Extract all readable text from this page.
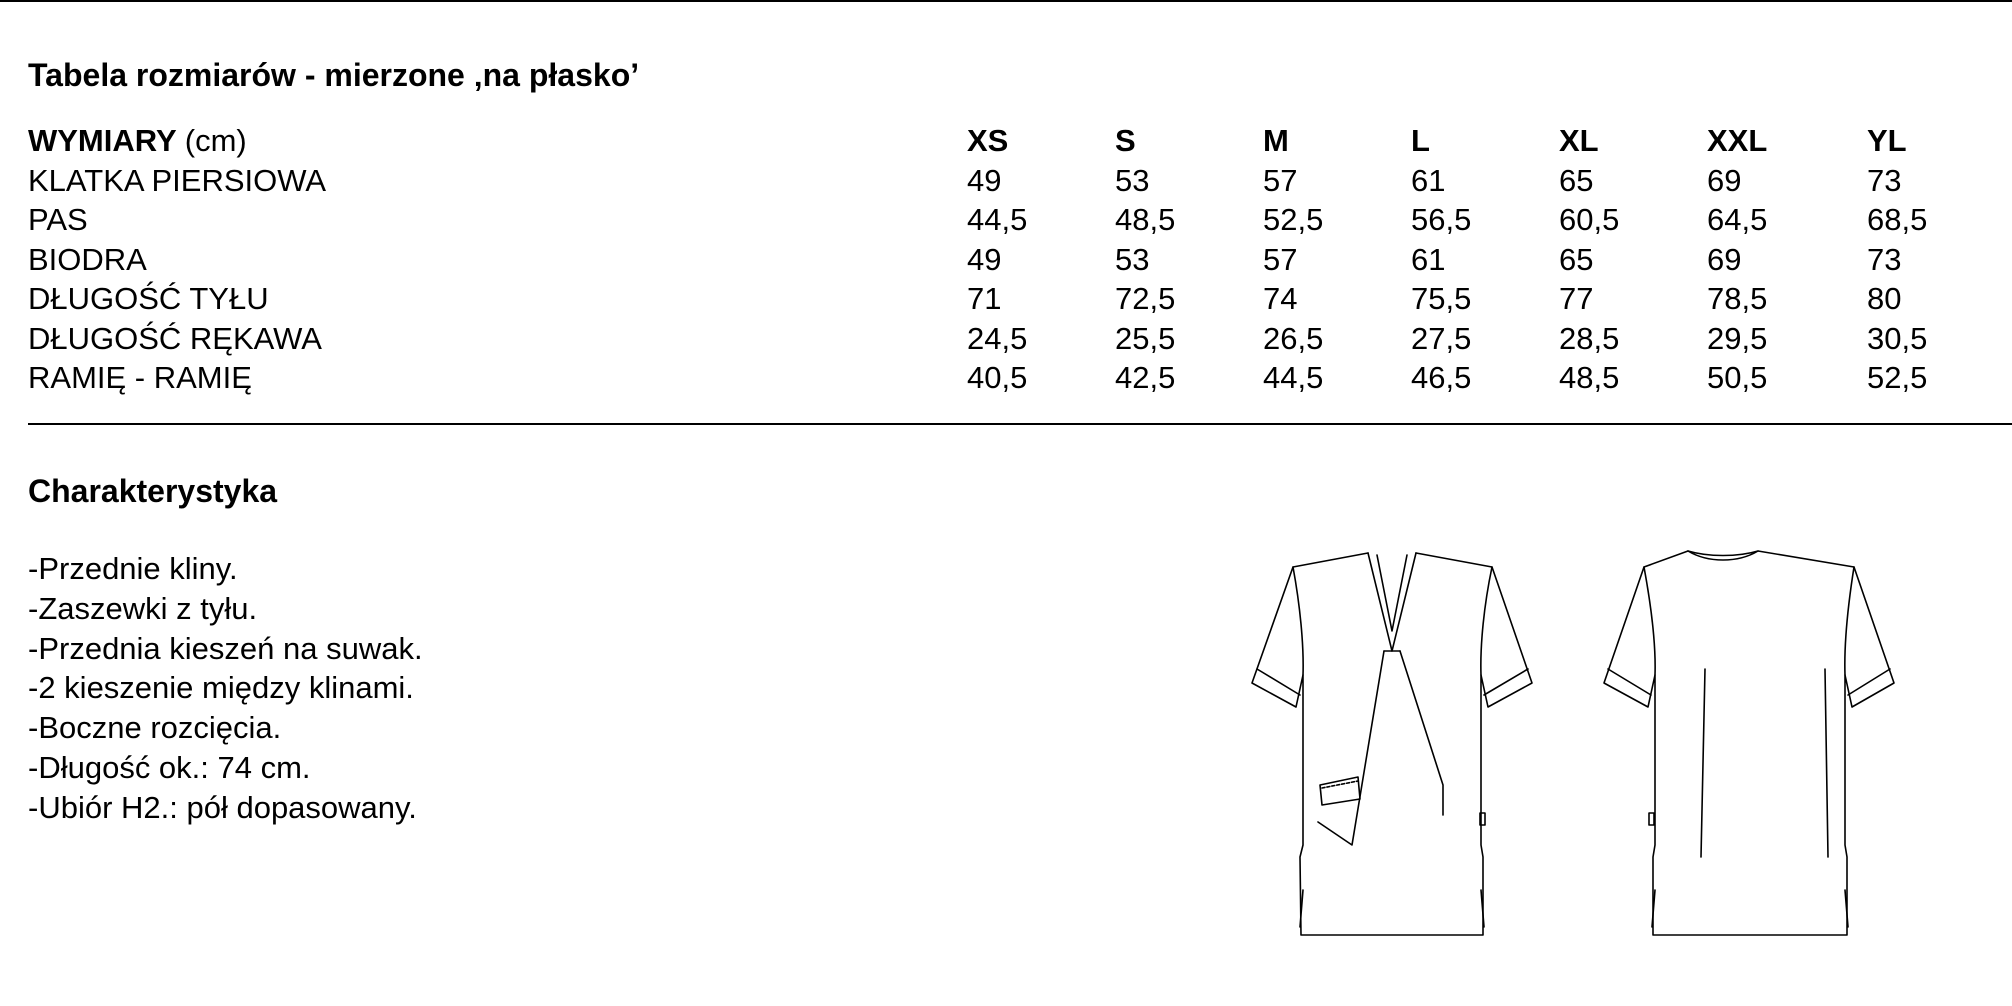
Tabela rozmiarów - mierzone ‚na płasko’
WYMIARY (cm)	XS	S	M	L	XL	XXL	YL
KLATKA PIERSIOWA	49	53	57	61	65	69	73
PAS	44,5	48,5	52,5	56,5	60,5	64,5	68,5
BIODRA	49	53	57	61	65	69	73
DŁUGOŚĆ TYŁU	71	72,5	74	75,5	77	78,5	80
DŁUGOŚĆ RĘKAWA	24,5	25,5	26,5	27,5	28,5	29,5	30,5
RAMIĘ - RAMIĘ	40,5	42,5	44,5	46,5	48,5	50,5	52,5
Charakterystyka
-Przednie kliny.
-Zaszewki z tyłu.
-Przednia kieszeń na suwak.
-2 kieszenie między klinami.
-Boczne rozcięcia.
-Długość ok.: 74 cm.
-Ubiór H2.: pół dopasowany.
